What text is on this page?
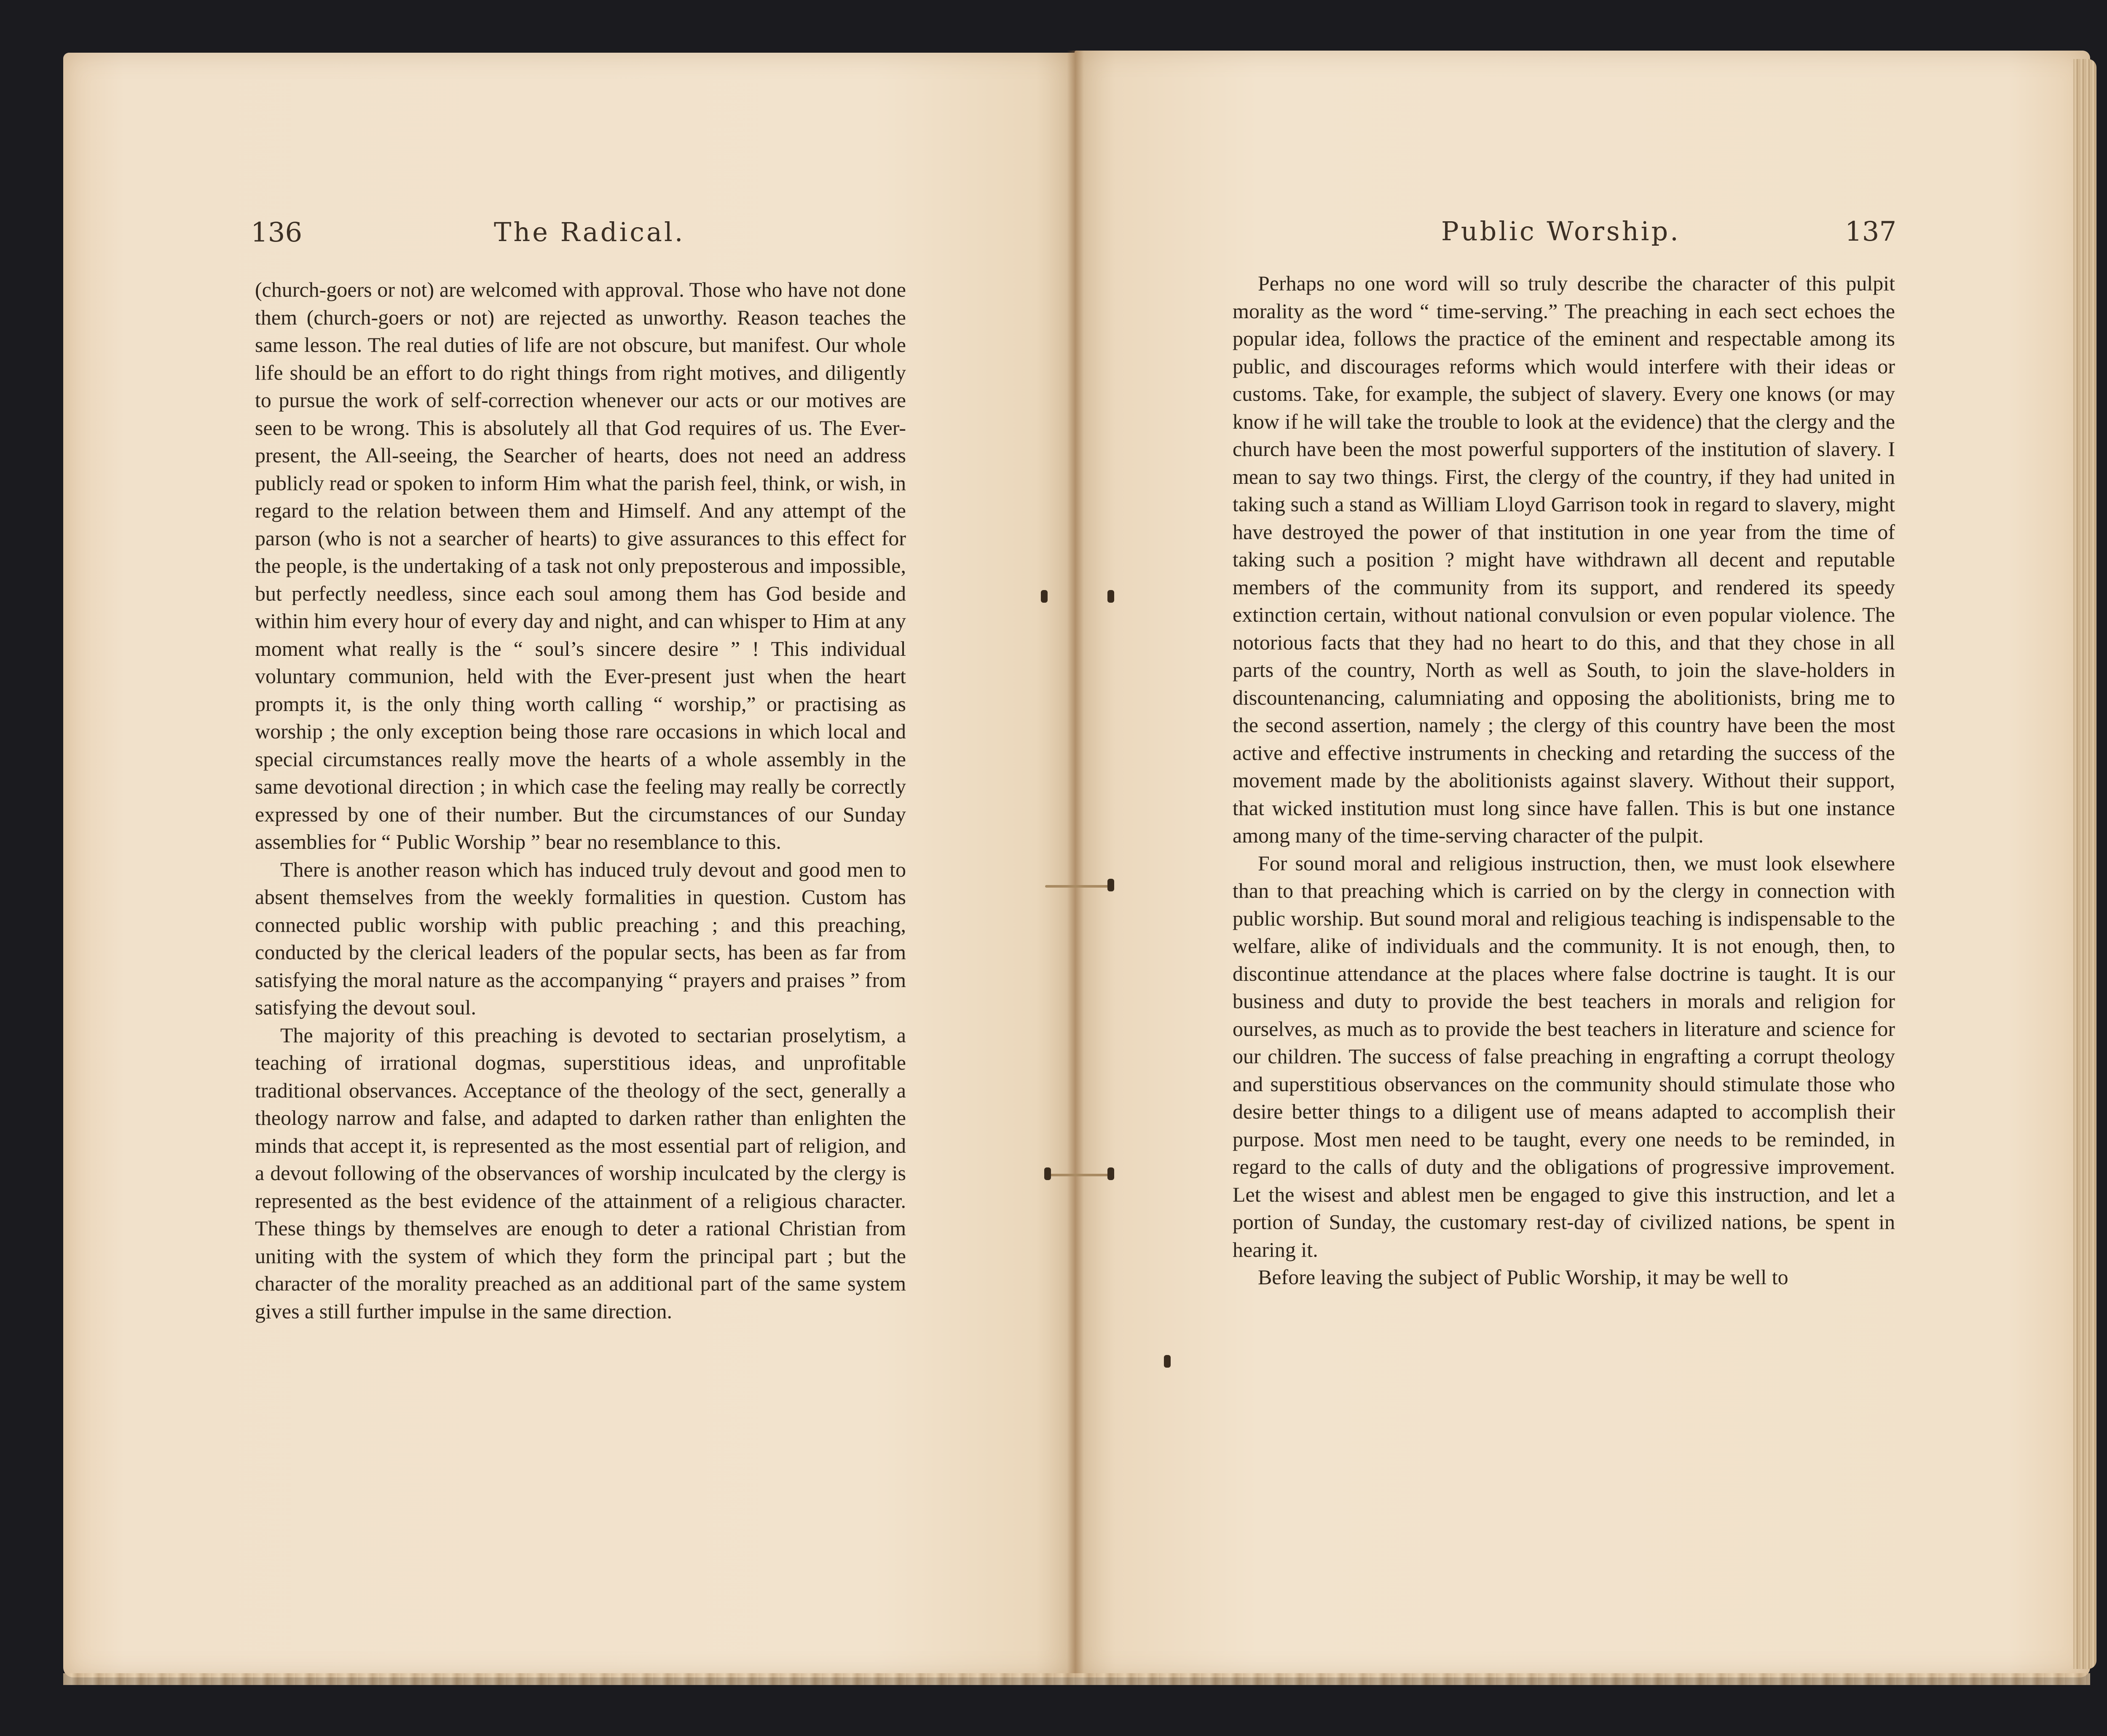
136	The Radical.	Public Worship.	137

(church-goers or not) are welcomed with approval. Those who have not done them (church-goers or not) are rejected as unworthy. Reason teaches the same lesson. The real duties of life are not obscure, but manifest. Our whole life should be an effort to do right things from right motives, and diligently to pursue the work of self-correction whenever our acts or our motives are seen to be wrong. This is absolutely all that God requires of us. The Ever-present, the All-seeing, the Searcher of hearts, does not need an address publicly read or spoken to inform Him what the parish feel, think, or wish, in regard to the relation between them and Himself. And any attempt of the parson (who is not a searcher of hearts) to give assurances to this effect for the people, is the undertaking of a task not only preposterous and impossible, but perfectly needless, since each soul among them has God beside and within him every hour of every day and night, and can whisper to Him at any moment what really is the “ soul’s sincere desire ” ! This individual voluntary communion, held with the Ever-present just when the heart prompts it, is the only thing worth calling “ worship,” or practising as worship ; the only exception being those rare occasions in which local and special circumstances really move the hearts of a whole assembly in the same devotional direction ; in which case the feeling may really be correctly expressed by one of their number. But the circumstances of our Sunday assemblies for “ Public Worship ” bear no resemblance to this.

There is another reason which has induced truly devout and good men to absent themselves from the weekly formalities in question. Custom has connected public worship with public preaching ; and this preaching, conducted by the clerical leaders of the popular sects, has been as far from satisfying the moral nature as the accompanying “ prayers and praises ” from satisfying the devout soul.

The majority of this preaching is devoted to sectarian proselytism, a teaching of irrational dogmas, superstitious ideas, and unprofitable traditional observances. Acceptance of the theology of the sect, generally a theology narrow and false, and adapted to darken rather than enlighten the minds that accept it, is represented as the most essential part of religion, and a devout following of the observances of worship inculcated by the clergy is represented as the best evidence of the attainment of a religious character. These things by themselves are enough to deter a rational Christian from uniting with the system of which they form the principal part ; but the character of the morality preached as an additional part of the same system gives a still further impulse in the same direction.

Perhaps no one word will so truly describe the character of this pulpit morality as the word “ time-serving.” The preaching in each sect echoes the popular idea, follows the practice of the eminent and respectable among its public, and discourages reforms which would interfere with their ideas or customs. Take, for example, the subject of slavery. Every one knows (or may know if he will take the trouble to look at the evidence) that the clergy and the church have been the most powerful supporters of the institution of slavery. I mean to say two things. First, the clergy of the country, if they had united in taking such a stand as William Lloyd Garrison took in regard to slavery, might have destroyed the power of that institution in one year from the time of taking such a position ? might have withdrawn all decent and reputable members of the community from its support, and rendered its speedy extinction certain, without national convulsion or even popular violence. The notorious facts that they had no heart to do this, and that they chose in all parts of the country, North as well as South, to join the slave-holders in discountenancing, calumniating and opposing the abolitionists, bring me to the second assertion, namely ; the clergy of this country have been the most active and effective instruments in checking and retarding the success of the movement made by the abolitionists against slavery. Without their support, that wicked institution must long since have fallen. This is but one instance among many of the time-serving character of the pulpit.

For sound moral and religious instruction, then, we must look elsewhere than to that preaching which is carried on by the clergy in connection with public worship. But sound moral and religious teaching is indispensable to the welfare, alike of individuals and the community. It is not enough, then, to discontinue attendance at the places where false doctrine is taught. It is our business and duty to provide the best teachers in morals and religion for ourselves, as much as to provide the best teachers in literature and science for our children. The success of false preaching in engrafting a corrupt theology and superstitious observances on the community should stimulate those who desire better things to a diligent use of means adapted to accomplish their purpose. Most men need to be taught, every one needs to be reminded, in regard to the calls of duty and the obligations of progressive improvement. Let the wisest and ablest men be engaged to give this instruction, and let a portion of Sunday, the customary rest-day of civilized nations, be spent in hearing it.

Before leaving the subject of Public Worship, it may be well to
